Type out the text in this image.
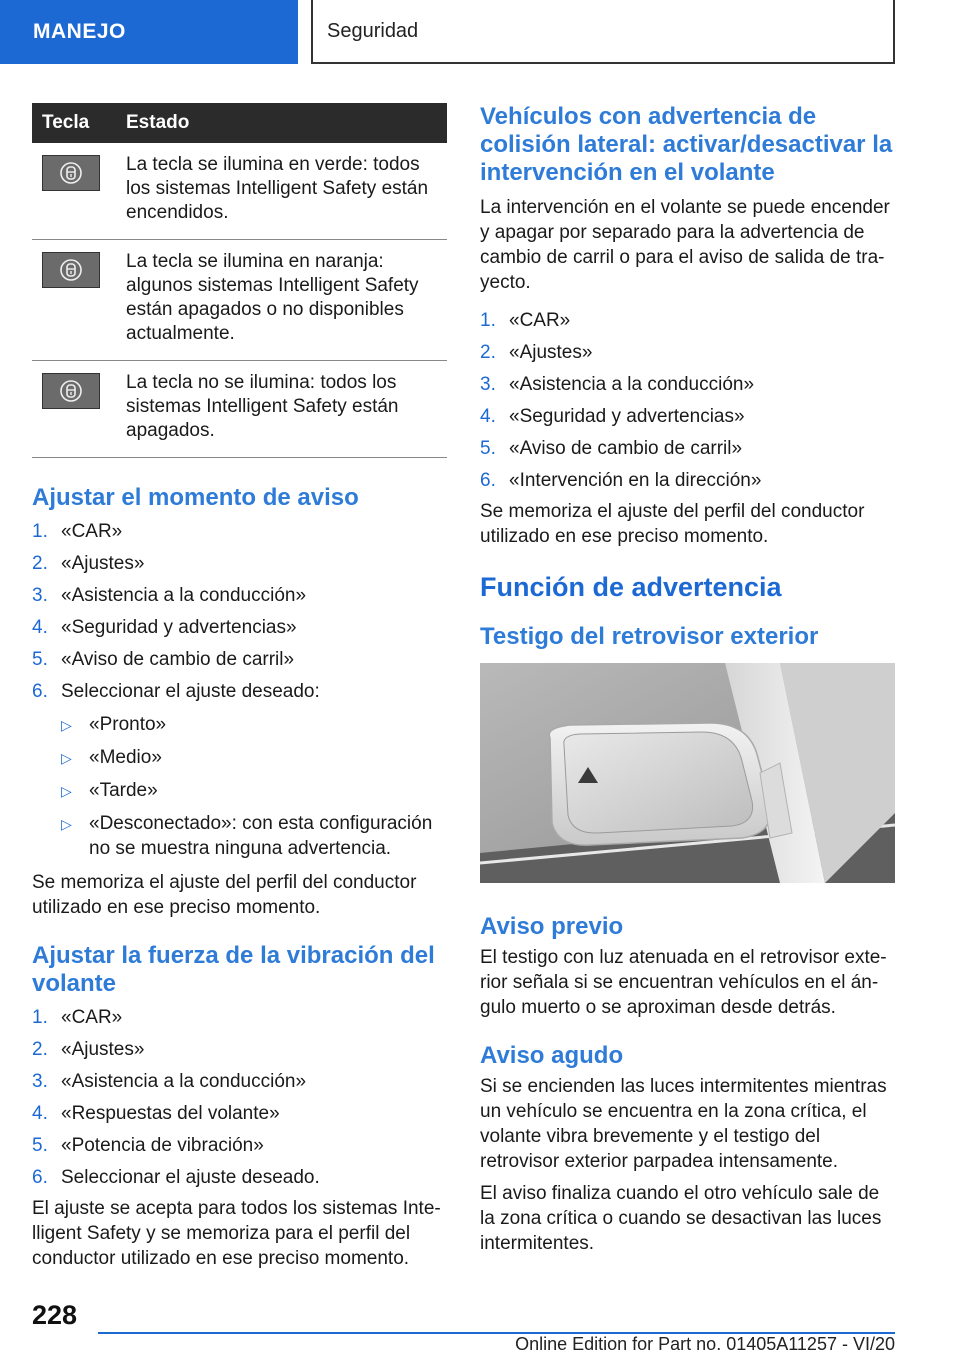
MANEJO	Seguridad
Tecla	Estado

	La tecla se ilumina en verde: todos los sistemas Intelligent Safety están encendidos.

	La tecla se ilumina en naranja: algunos sistemas Intelligent Safety están apagados o no disponibles actualmente.

	La tecla no se ilumina: todos los sistemas Intelligent Safety están apagados.
Ajustar el momento de aviso
1. «CAR»
2. «Ajustes»
3. «Asistencia a la conducción»
4. «Seguridad y advertencias»
5. «Aviso de cambio de carril»
6. Seleccionar el ajuste deseado:
▷ «Pronto»
▷ «Medio»
▷ «Tarde»
▷ «Desconectado»: con esta configuración no se muestra ninguna advertencia.

Se memoriza el ajuste del perfil del conductor utilizado en ese preciso momento.

Ajustar la fuerza de la vibración del volante
1. «CAR»
2. «Ajustes»
3. «Asistencia a la conducción»
4. «Respuestas del volante»
5. «Potencia de vibración»
6. Seleccionar el ajuste deseado.

El ajuste se acepta para todos los sistemas Intelligent Safety y se memoriza para el perfil del conductor utilizado en ese preciso momento.

Vehículos con advertencia de colisión lateral: activar/desactivar la intervención en el volante

La intervención en el volante se puede encender y apagar por separado para la advertencia de cambio de carril o para el aviso de salida de trayecto.

1. «CAR»
2. «Ajustes»
3. «Asistencia a la conducción»
4. «Seguridad y advertencias»
5. «Aviso de cambio de carril»
6. «Intervención en la dirección»

Se memoriza el ajuste del perfil del conductor utilizado en ese preciso momento.

Función de advertencia
Testigo del retrovisor exterior
Aviso previo

El testigo con luz atenuada en el retrovisor exterior señala si se encuentran vehículos en el ángulo muerto o se aproximan desde detrás.

Aviso agudo

Si se encienden las luces intermitentes mientras un vehículo se encuentra en la zona crítica, el volante vibra brevemente y el testigo del retrovisor exterior parpadea intensamente.

El aviso finaliza cuando el otro vehículo sale de la zona crítica o cuando se desactivan las luces intermitentes.

228
Online Edition for Part no. 01405A11257 - VI/20
